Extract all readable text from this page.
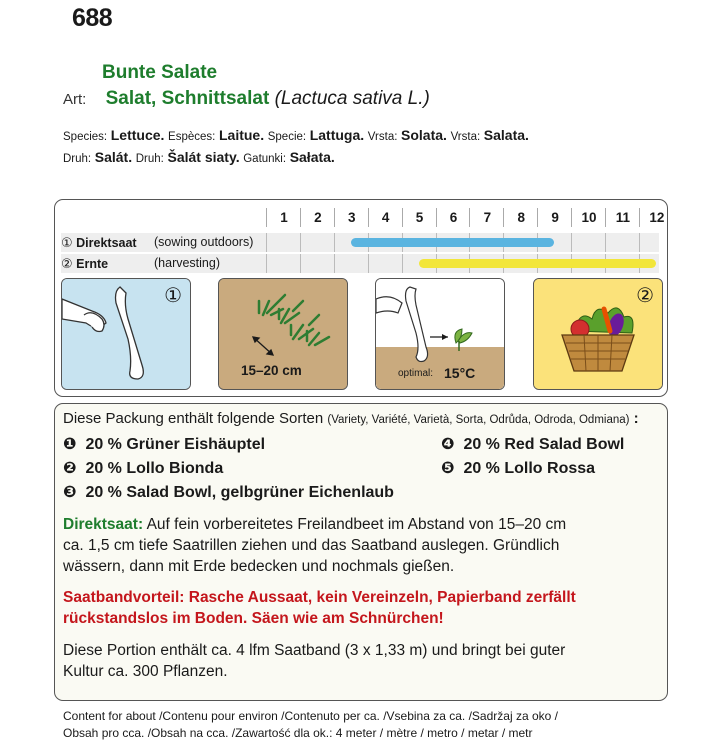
688
Bunte Salate
Art: Salat, Schnittsalat (Lactuca sativa L.)
Species: Lettuce. Espèces: Laitue. Specie: Lattuga. Vrsta: Solata. Vrsta: Salata.
Druh: Salát. Druh: Šalát siaty. Gatunki: Sałata.
1	2	3	4	5	6	7	8	9	10	11	12
① Direktsaat (sowing outdoors)
② Ernte	(harvesting)
①
15–20 cm	optimal: 15°C
②
Diese Packung enthält folgende Sorten (Variety, Variété, Varietà, Sorta, Odrůda, Odroda, Odmiana) :
❶ 20 % Grüner Eishäuptel
❷ 20 % Lollo Bionda
❸ 20 % Salad Bowl, gelbgrüner Eichenlaub
❹ 20 % Red Salad Bowl
❺ 20 % Lollo Rossa
Direktsaat: Auf fein vorbereitetes Freilandbeet im Abstand von 15–20 cm
ca. 1,5 cm tiefe Saatrillen ziehen und das Saatband auslegen. Gründlich
wässern, dann mit Erde bedecken und nochmals gießen.
Saatbandvorteil: Rasche Aussaat, kein Vereinzeln, Papierband zerfällt
rückstandslos im Boden. Säen wie am Schnürchen!
Diese Portion enthält ca. 4 lfm Saatband (3 x 1,33 m) und bringt bei guter
Kultur ca. 300 Pflanzen.
Content for about /Contenu pour environ /Contenuto per ca. /Vsebina za ca. /Sadržaj za oko /
Obsah pro cca. /Obsah na cca. /Zawartość dla ok.: 4 meter / mètre / metro / metar / metr
